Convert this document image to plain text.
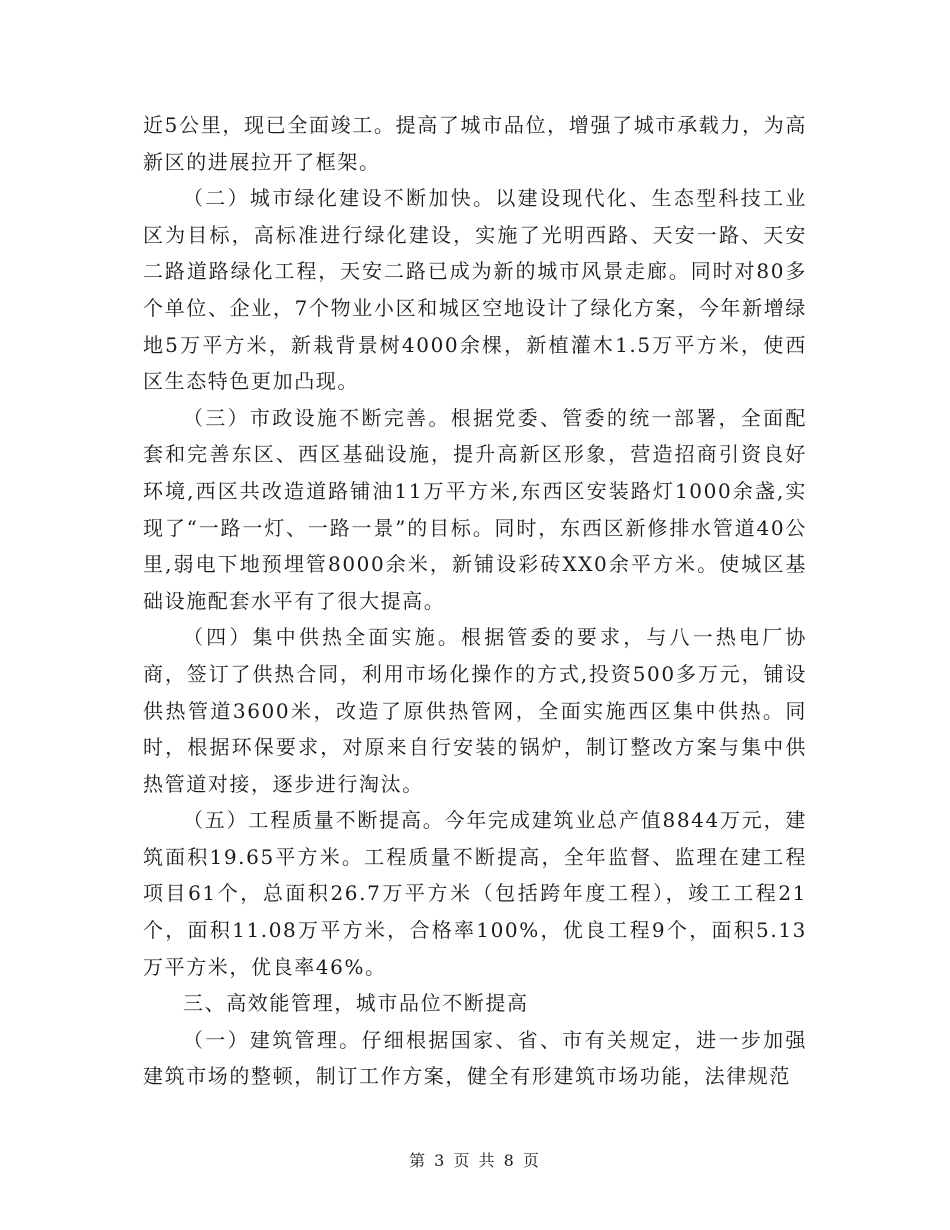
近5公里，现已全面竣工。提高了城市品位，增强了城市承载力，为高新区的进展拉开了框架。

（二）城市绿化建设不断加快。以建设现代化、生态型科技工业区为目标，高标准进行绿化建设，实施了光明西路、天安一路、天安二路道路绿化工程，天安二路已成为新的城市风景走廊。同时对80多个单位、企业，7个物业小区和城区空地设计了绿化方案，今年新增绿地5万平方米，新栽背景树4000余棵，新植灌木1.5万平方米，使西区生态特色更加凸现。

（三）市政设施不断完善。根据党委、管委的统一部署，全面配套和完善东区、西区基础设施，提升高新区形象，营造招商引资良好环境,西区共改造道路铺油11万平方米,东西区安装路灯1000余盏,实现了“一路一灯、一路一景”的目标。同时，东西区新修排水管道40公里,弱电下地预埋管8000余米，新铺设彩砖XX0余平方米。使城区基础设施配套水平有了很大提高。

（四）集中供热全面实施。根据管委的要求，与八一热电厂协商，签订了供热合同，利用市场化操作的方式,投资500多万元，铺设供热管道3600米，改造了原供热管网，全面实施西区集中供热。同时，根据环保要求，对原来自行安装的锅炉，制订整改方案与集中供热管道对接，逐步进行淘汰。

（五）工程质量不断提高。今年完成建筑业总产值8844万元，建筑面积19.65平方米。工程质量不断提高，全年监督、监理在建工程项目61个，总面积26.7万平方米（包括跨年度工程），竣工工程21个，面积11.08万平方米，合格率100%，优良工程9个，面积5.13万平方米，优良率46%。

三、高效能管理，城市品位不断提高

（一）建筑管理。仔细根据国家、省、市有关规定，进一步加强建筑市场的整顿，制订工作方案，健全有形建筑市场功能，法律规范

第 3 页 共 8 页
